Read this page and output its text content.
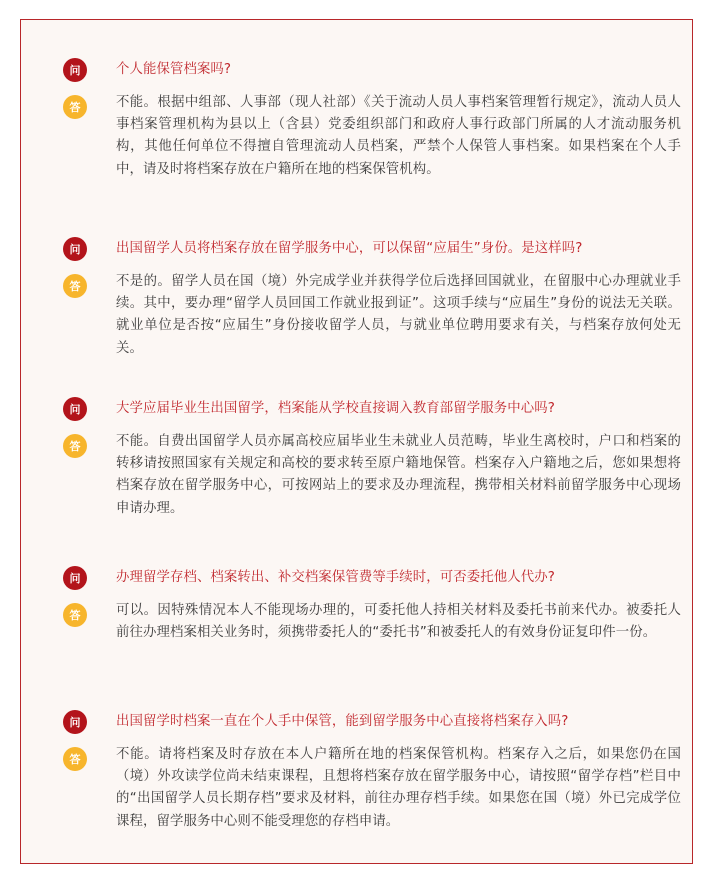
问	个人能保管档案吗?
答	不能。根据中组部、人事部（现人社部）《关于流动人员人事档案管理暂行规定》，流动人员人事档案管理机构为县以上（含县）党委组织部门和政府人事行政部门所属的人才流动服务机构，其他任何单位不得擅自管理流动人员档案，严禁个人保管人事档案。如果档案在个人手中，请及时将档案存放在户籍所在地的档案保管机构。
问	出国留学人员将档案存放在留学服务中心，可以保留“应届生”身份。是这样吗?
答	不是的。留学人员在国（境）外完成学业并获得学位后选择回国就业，在留服中心办理就业手续。其中，要办理“留学人员回国工作就业报到证”。这项手续与“应届生”身份的说法无关联。就业单位是否按“应届生”身份接收留学人员，与就业单位聘用要求有关，与档案存放何处无关。
问	大学应届毕业生出国留学，档案能从学校直接调入教育部留学服务中心吗?
答	不能。自费出国留学人员亦属高校应届毕业生未就业人员范畴，毕业生离校时，户口和档案的转移请按照国家有关规定和高校的要求转至原户籍地保管。档案存入户籍地之后，您如果想将档案存放在留学服务中心，可按网站上的要求及办理流程，携带相关材料前留学服务中心现场申请办理。
问	办理留学存档、档案转出、补交档案保管费等手续时，可否委托他人代办?
答	可以。因特殊情况本人不能现场办理的，可委托他人持相关材料及委托书前来代办。被委托人前往办理档案相关业务时，须携带委托人的“委托书”和被委托人的有效身份证复印件一份。
问	出国留学时档案一直在个人手中保管，能到留学服务中心直接将档案存入吗?
答	不能。请将档案及时存放在本人户籍所在地的档案保管机构。档案存入之后，如果您仍在国（境）外攻读学位尚未结束课程，且想将档案存放在留学服务中心，请按照“留学存档”栏目中的“出国留学人员长期存档”要求及材料，前往办理存档手续。如果您在国（境）外已完成学位课程，留学服务中心则不能受理您的存档申请。
